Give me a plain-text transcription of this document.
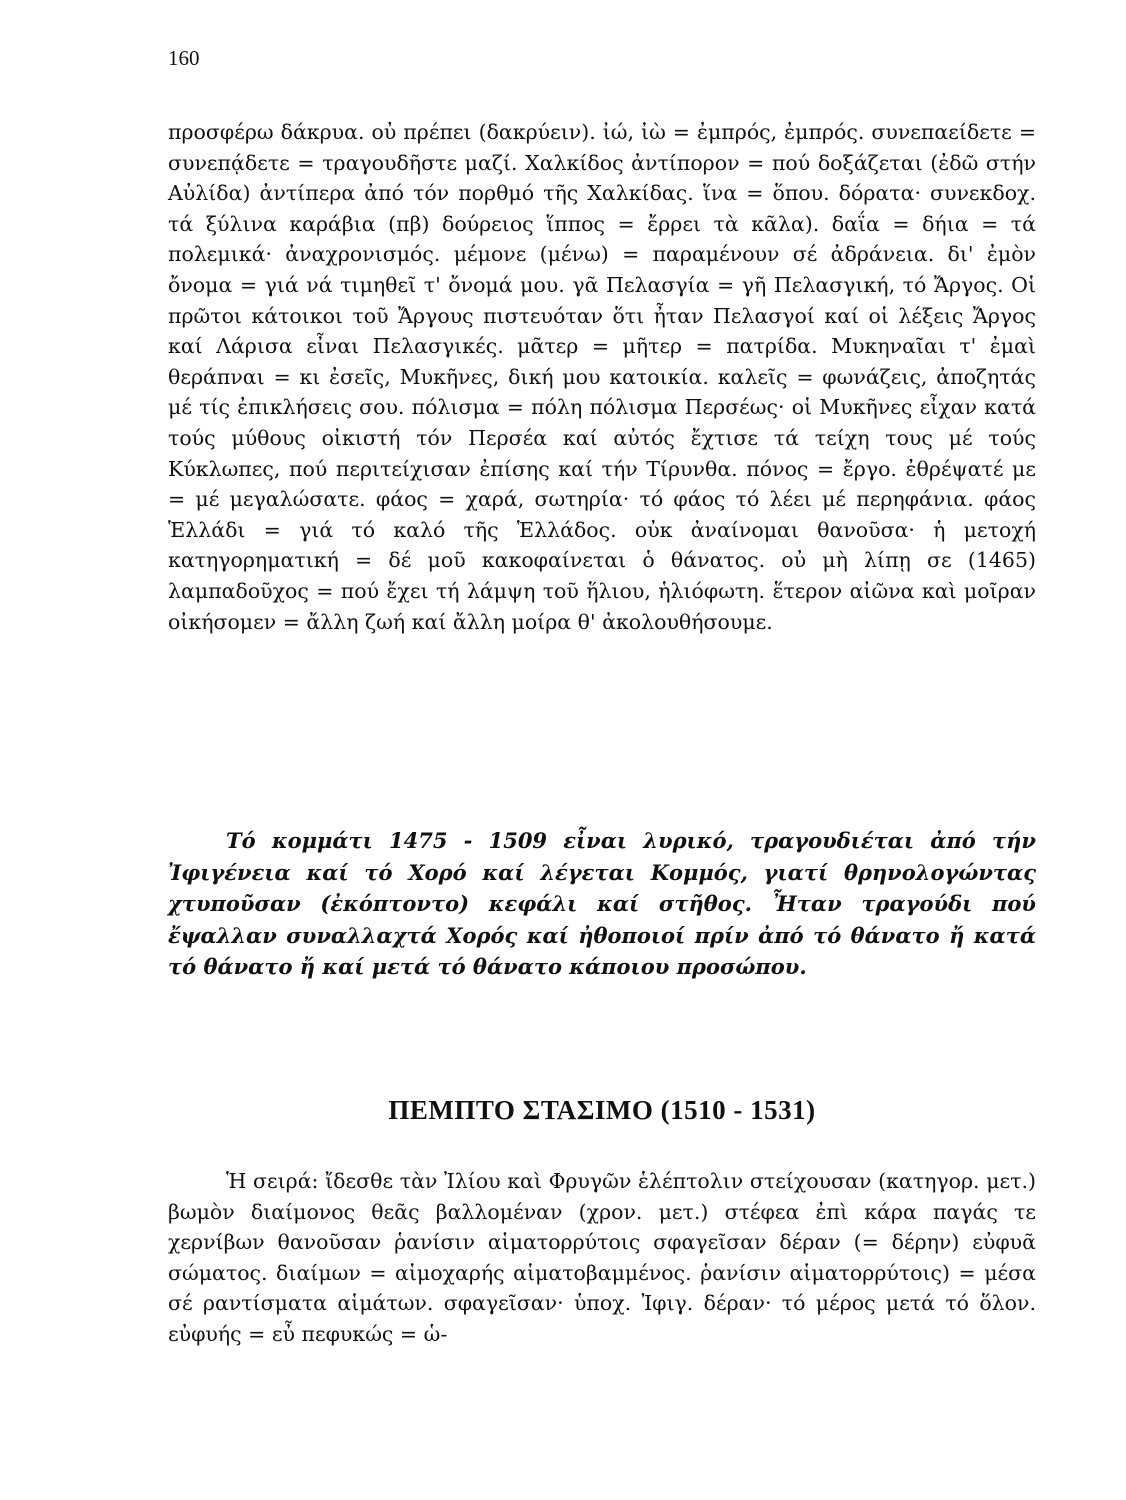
160

προσφέρω δάκρυα. οὐ πρέπει (δακρύειν). ἰώ, ἰὼ = ἐμπρός, ἐμπρός. συνεπαείδετε = συνεπᾴδετε = τραγουδῆστε μαζί. Χαλκίδος ἀντίπορον = πού δοξάζεται (ἐδῶ στήν Αὐλίδα) ἀντίπερα ἀπό τόν πορθμό τῆς Χαλκίδας. ἵνα = ὅπου. δόρατα· συνεκδοχ. τά ξύλινα καράβια (πβ) δούρειος ἵππος = ἔρρει τὰ κᾶλα). δαΐα = δήια = τά πολεμικά· ἀναχρονισμός. μέμονε (μένω) = παραμένουν σέ ἀδράνεια. δι' ἐμὸν ὄνομα = γιά νά τιμηθεῖ τ' ὄνομά μου. γᾶ Πελασγία = γῆ Πελασγική, τό Ἄργος. Οἱ πρῶτοι κάτοικοι τοῦ Ἄργους πιστευόταν ὅτι ἦταν Πελασγοί καί οἱ λέξεις Ἄργος καί Λάρισα εἶναι Πελασγικές. μᾶτερ = μῆτερ = πατρίδα. Μυκηναῖαι τ' ἐμαὶ θεράπναι = κι ἐσεῖς, Μυκῆνες, δική μου κατοικία. καλεῖς = φωνάζεις, ἀποζητάς μέ τίς ἐπικλήσεις σου. πόλισμα = πόλη πόλισμα Περσέως· οἱ Μυκῆνες εἶχαν κατά τούς μύθους οἰκιστή τόν Περσέα καί αὐτός ἔχτισε τά τείχη τους μέ τούς Κύκλωπες, πού περιτείχισαν ἐπίσης καί τήν Τίρυνθα. πόνος = ἔργο. ἐθρέψατέ με = μέ μεγαλώσατε. φάος = χαρά, σωτηρία· τό φάος τό λέει μέ περηφάνια. φάος Ἑλλάδι = γιά τό καλό τῆς Ἑλλάδος. οὐκ ἀναίνομαι θανοῦσα· ἡ μετοχή κατηγορηματική = δέ μοῦ κακοφαίνεται ὁ θάνατος. οὐ μὴ λίπῃ σε (1465) λαμπαδοῦχος = πού ἔχει τή λάμψη τοῦ ἥλιου, ἡλιόφωτη. ἕτερον αἰῶνα καὶ μοῖραν οἰκήσομεν = ἄλλη ζωή καί ἄλλη μοίρα θ' ἀκολουθήσουμε.

Τό κομμάτι 1475 - 1509 εἶναι λυρικό, τραγουδιέται ἀπό τήν Ἰφιγένεια καί τό Χορό καί λέγεται Κομμός, γιατί θρηνολογώντας χτυποῦσαν (ἐκόπτοντο) κεφάλι καί στῆθος. Ἦταν τραγούδι πού ἔψαλλαν συναλλαχτά Χορός καί ἠθοποιοί πρίν ἀπό τό θάνατο ἤ κατά τό θάνατο ἤ καί μετά τό θάνατο κάποιου προσώπου.

ΠΕΜΠΤΟ ΣΤΑΣΙΜΟ (1510 - 1531)

Ἡ σειρά: ἴδεσθε τὰν Ἰλίου καὶ Φρυγῶν ἑλέπτολιν στείχουσαν (κατηγορ. μετ.) βωμὸν διαίμονος θεᾶς βαλλομέναν (χρον. μετ.) στέφεα ἐπὶ κάρα παγάς τε χερνίβων θανοῦσαν ῥανίσιν αἱματορρύτοις σφαγεῖσαν δέραν (= δέρην) εὐφυᾶ σώματος. διαίμων = αἱμοχαρής αἱματοβαμμένος. ῥανίσιν αἱματορρύτοις) = μέσα σέ ραντίσματα αἱμάτων. σφαγεῖσαν· ὑποχ. Ἰφιγ. δέραν· τό μέρος μετά τό ὅλον. εὐφυής = εὖ πεφυκώς = ὡ-
